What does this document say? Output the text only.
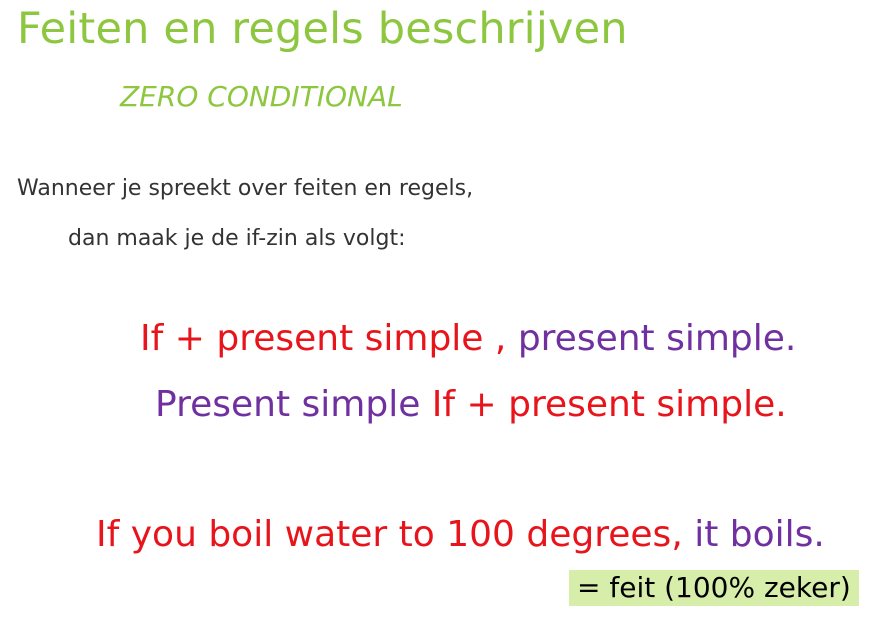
Feiten en regels beschrijven
ZERO CONDITIONAL
Wanneer je spreekt over feiten en regels,
dan maak je de if-zin als volgt:
If + present simple , present simple.
Present simple If + present simple.
If you boil water to 100 degrees, it boils.
= feit (100% zeker)
